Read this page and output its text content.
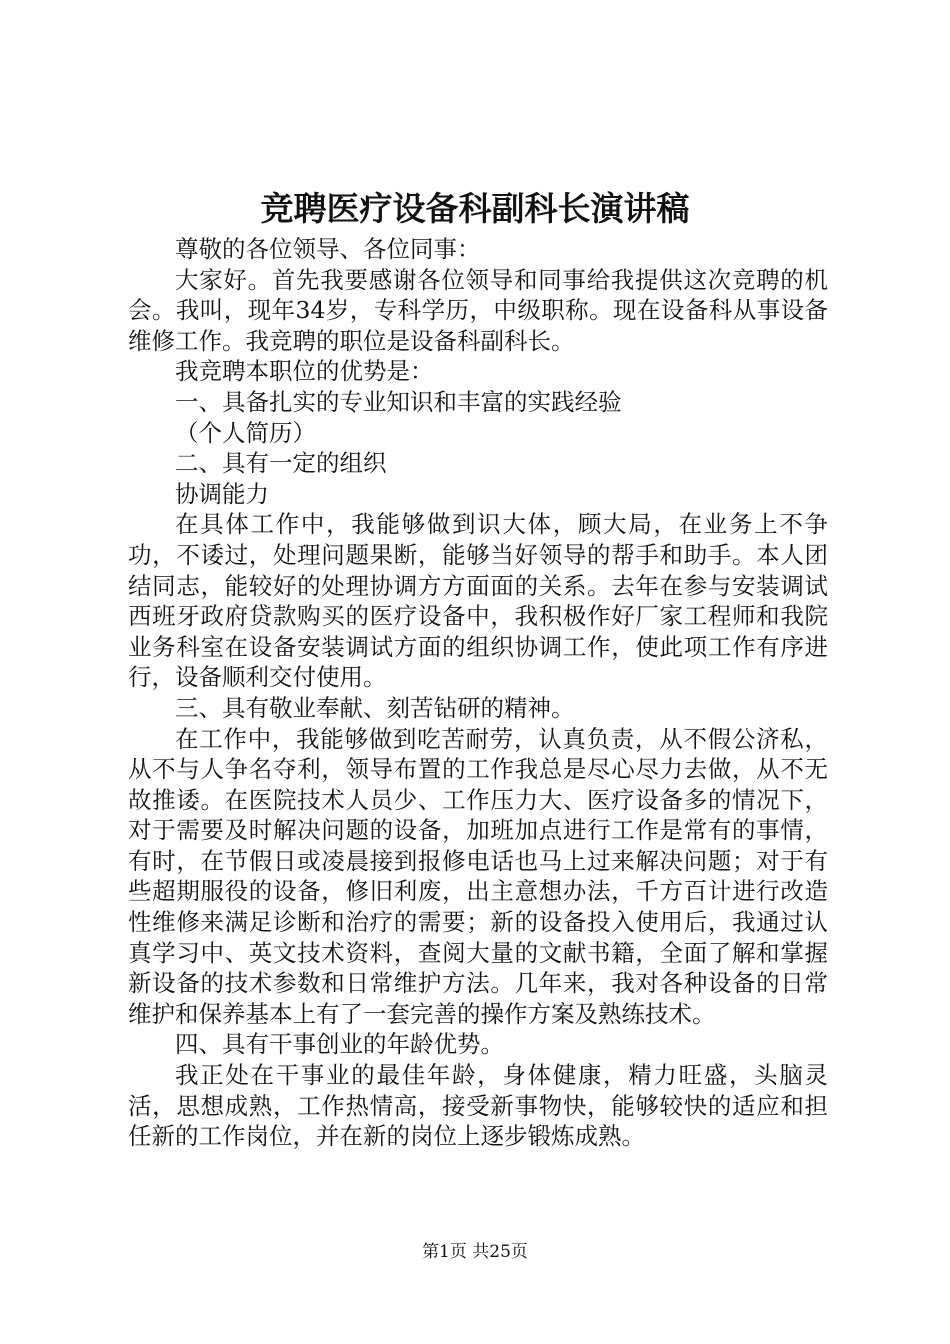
竞聘医疗设备科副科长演讲稿

尊敬的各位领导、各位同事：

大家好。首先我要感谢各位领导和同事给我提供这次竞聘的机会。我叫，现年34岁，专科学历，中级职称。现在设备科从事设备维修工作。我竞聘的职位是设备科副科长。

我竞聘本职位的优势是：

一、具备扎实的专业知识和丰富的实践经验

（个人简历）

二、具有一定的组织

协调能力

在具体工作中，我能够做到识大体，顾大局，在业务上不争功，不诿过，处理问题果断，能够当好领导的帮手和助手。本人团结同志，能较好的处理协调方方面面的关系。去年在参与安装调试西班牙政府贷款购买的医疗设备中，我积极作好厂家工程师和我院业务科室在设备安装调试方面的组织协调工作，使此项工作有序进行，设备顺利交付使用。

三、具有敬业奉献、刻苦钻研的精神。

在工作中，我能够做到吃苦耐劳，认真负责，从不假公济私，从不与人争名夺利，领导布置的工作我总是尽心尽力去做，从不无故推诿。在医院技术人员少、工作压力大、医疗设备多的情况下，对于需要及时解决问题的设备，加班加点进行工作是常有的事情，有时，在节假日或凌晨接到报修电话也马上过来解决问题；对于有些超期服役的设备，修旧利废，出主意想办法，千方百计进行改造性维修来满足诊断和治疗的需要；新的设备投入使用后，我通过认真学习中、英文技术资料，查阅大量的文献书籍，全面了解和掌握新设备的技术参数和日常维护方法。几年来，我对各种设备的日常维护和保养基本上有了一套完善的操作方案及熟练技术。

四、具有干事创业的年龄优势。

我正处在干事业的最佳年龄，身体健康，精力旺盛，头脑灵活，思想成熟，工作热情高，接受新事物快，能够较快的适应和担任新的工作岗位，并在新的岗位上逐步锻炼成熟。

第1页 共25页
